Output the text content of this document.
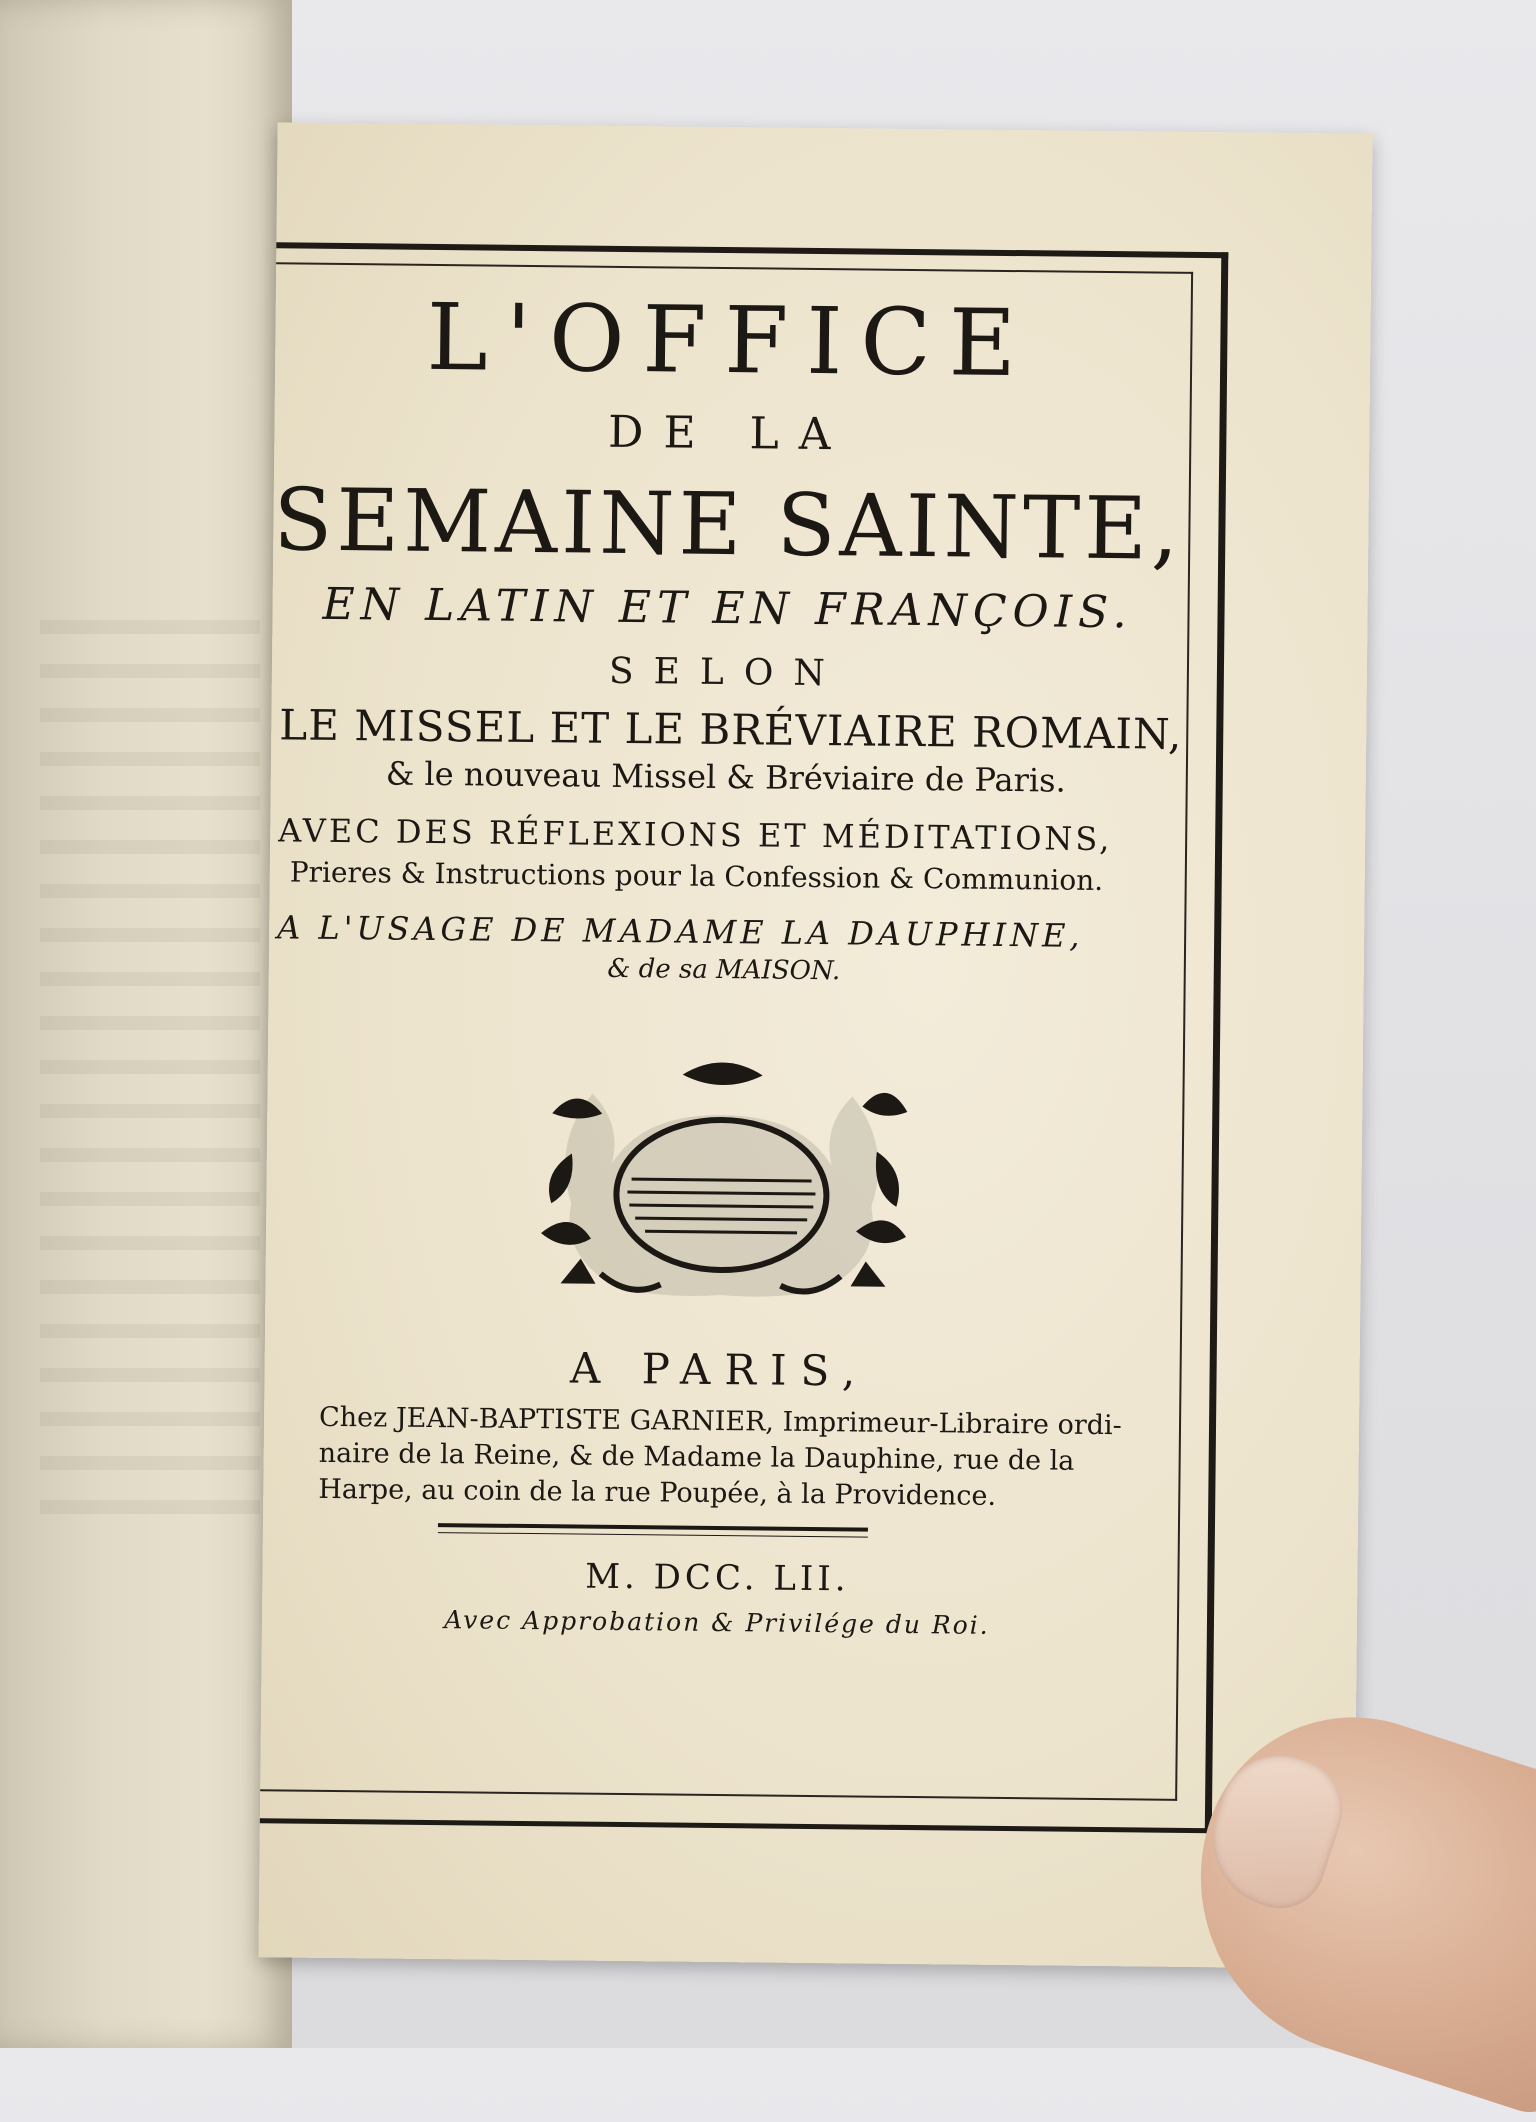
L'OFFICE
DE LA
SEMAINE SAINTE,
EN LATIN ET EN FRANÇOIS.
SELON
LE MISSEL ET LE BRÉVIAIRE ROMAIN,
& le nouveau Missel & Bréviaire de Paris.
AVEC DES RÉFLEXIONS ET MÉDITATIONS,
Prieres & Instructions pour la Confession & Communion.
A L'USAGE DE MADAME LA DAUPHINE,
& de sa MAISON.
A PARIS,
Chez JEAN-BAPTISTE GARNIER, Imprimeur-Libraire ordi-
naire de la Reine, & de Madame la Dauphine, rue de la
Harpe, au coin de la rue Poupée, à la Providence.
M. DCC. LII.
Avec Approbation & Privilége du Roi.
